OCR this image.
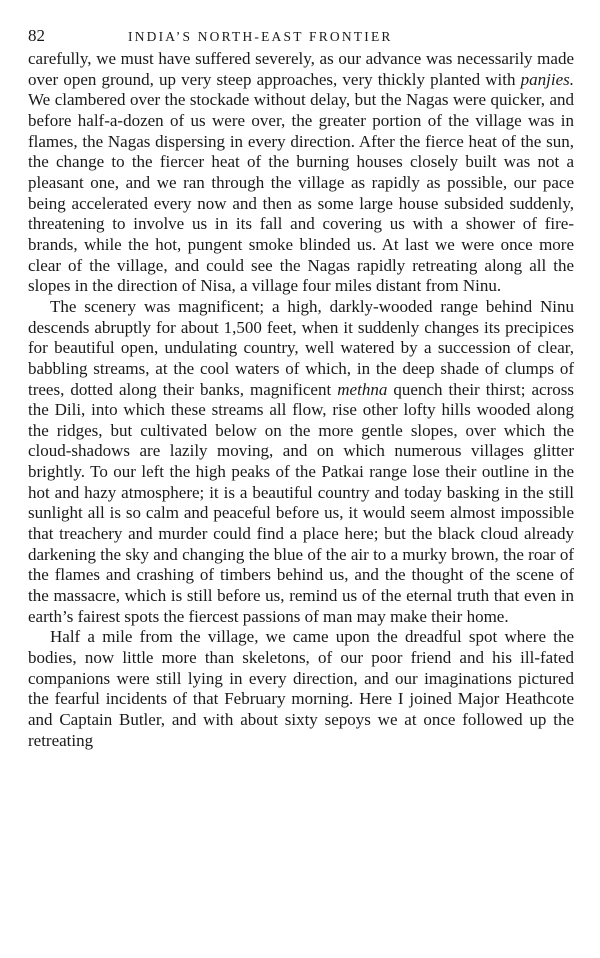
82	INDIA’S NORTH-EAST FRONTIER

carefully, we must have suffered severely, as our advance was necessarily made over open ground, up very steep approaches, very thickly planted with panjies. We clambered over the stockade without delay, but the Nagas were quicker, and before half-a-dozen of us were over, the greater portion of the village was in flames, the Nagas dispersing in every direction. After the fierce heat of the sun, the change to the fiercer heat of the burning houses closely built was not a pleasant one, and we ran through the village as rapidly as possible, our pace being accelerated every now and then as some large house subsided suddenly, threatening to involve us in its fall and covering us with a shower of fire-brands, while the hot, pungent smoke blinded us. At last we were once more clear of the village, and could see the Nagas rapidly retreating along all the slopes in the direction of Nisa, a village four miles distant from Ninu.

The scenery was magnificent; a high, darkly-wooded range behind Ninu descends abruptly for about 1,500 feet, when it suddenly changes its precipices for beautiful open, undulating country, well watered by a succession of clear, babbling streams, at the cool waters of which, in the deep shade of clumps of trees, dotted along their banks, magnificent methna quench their thirst; across the Dili, into which these streams all flow, rise other lofty hills wooded along the ridges, but cultivated below on the more gentle slopes, over which the cloud-shadows are lazily moving, and on which numerous villages glitter brightly. To our left the high peaks of the Patkai range lose their outline in the hot and hazy atmosphere; it is a beautiful country and today basking in the still sunlight all is so calm and peaceful before us, it would seem almost impossible that treachery and murder could find a place here; but the black cloud already darkening the sky and changing the blue of the air to a murky brown, the roar of the flames and crashing of timbers behind us, and the thought of the scene of the massacre, which is still before us, remind us of the eternal truth that even in earth’s fairest spots the fiercest passions of man may make their home.

Half a mile from the village, we came upon the dreadful spot where the bodies, now little more than skeletons, of our poor friend and his ill-fated companions were still lying in every direction, and our imaginations pictured the fearful incidents of that February morning. Here I joined Major Heathcote and Captain Butler, and with about sixty sepoys we at once followed up the retreating
